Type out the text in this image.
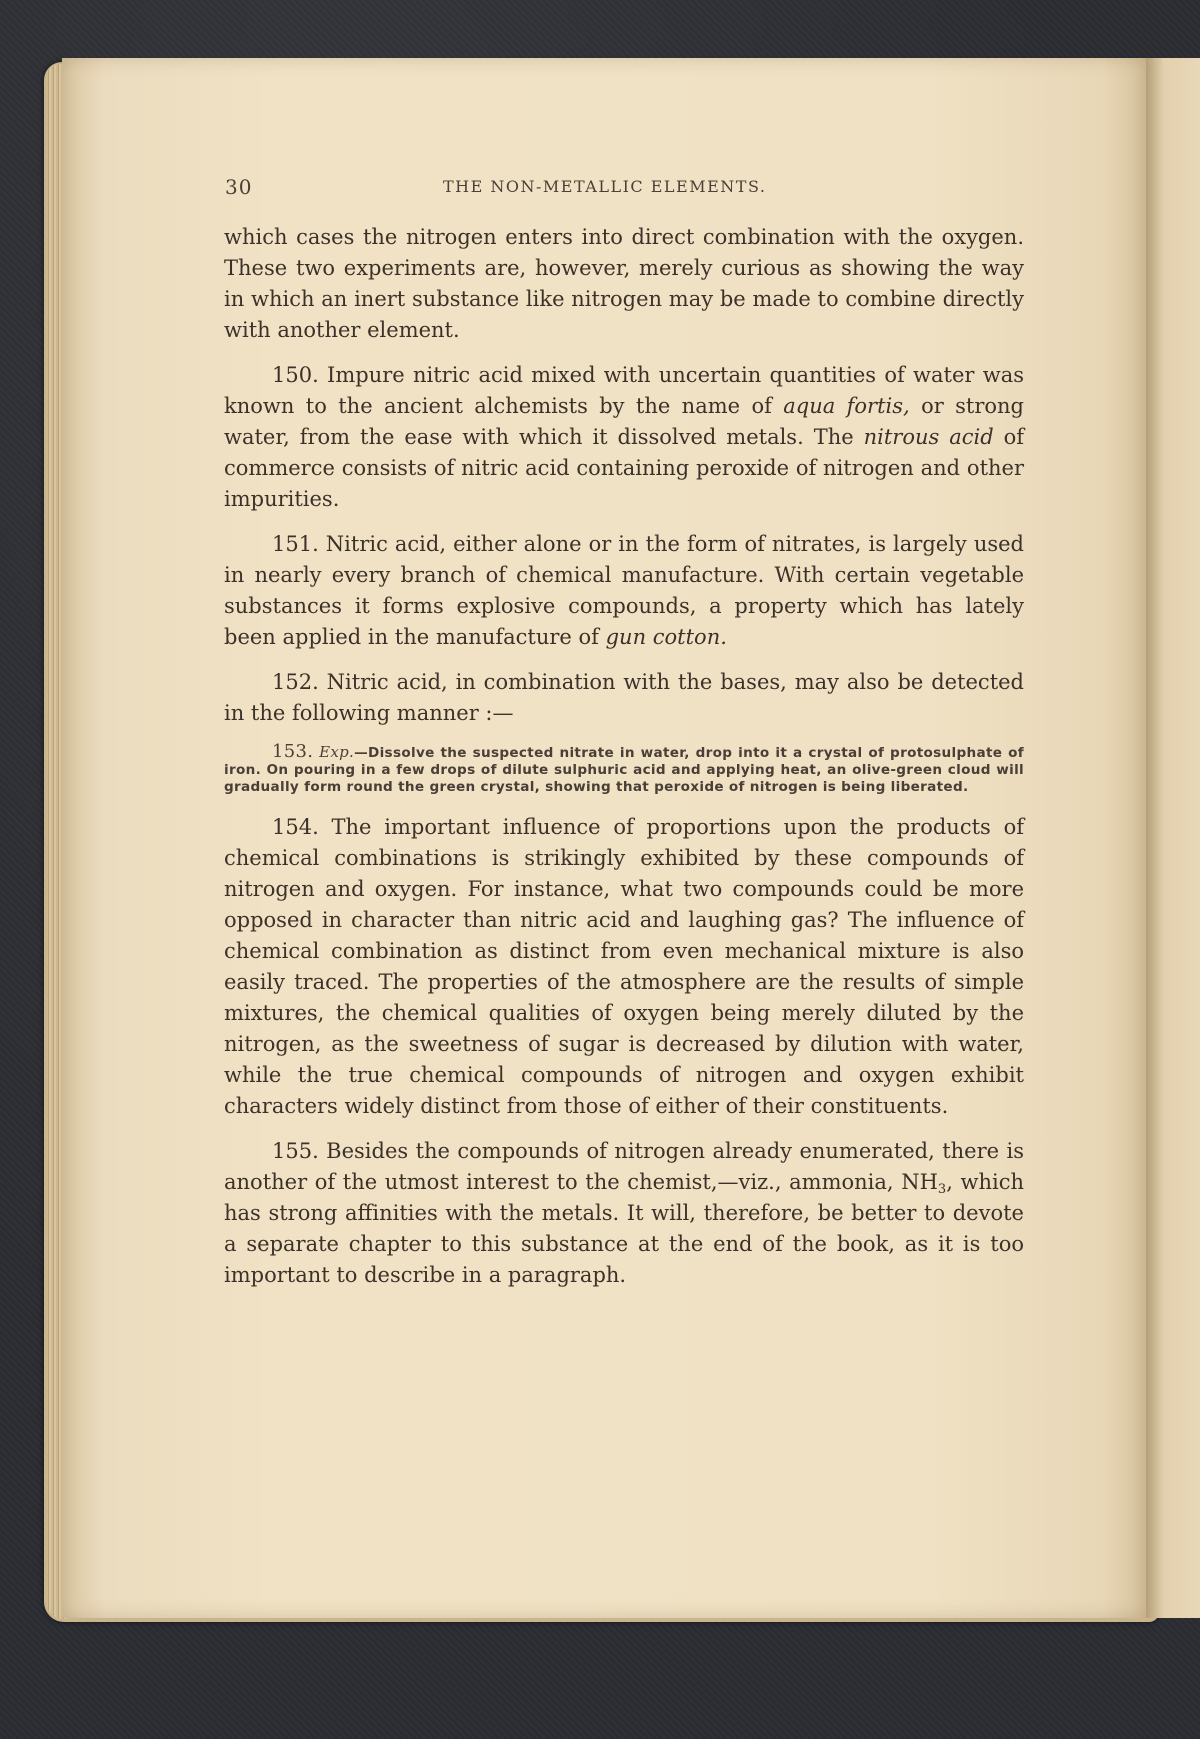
30	THE NON-METALLIC ELEMENTS.

which cases the nitrogen enters into direct combination with the oxygen. These two experiments are, however, merely curious as showing the way in which an inert substance like nitrogen may be made to combine directly with another element.

150. Impure nitric acid mixed with uncertain quantities of water was known to the ancient alchemists by the name of aqua fortis, or strong water, from the ease with which it dissolved metals. The nitrous acid of commerce consists of nitric acid containing peroxide of nitrogen and other impurities.

151. Nitric acid, either alone or in the form of nitrates, is largely used in nearly every branch of chemical manufacture. With certain vegetable substances it forms explosive compounds, a property which has lately been applied in the manufacture of gun cotton.

152. Nitric acid, in combination with the bases, may also be detected in the following manner :—

153. Exp.—Dissolve the suspected nitrate in water, drop into it a crystal of protosulphate of iron. On pouring in a few drops of dilute sulphuric acid and applying heat, an olive-green cloud will gradually form round the green crystal, showing that peroxide of nitrogen is being liberated.

154. The important influence of proportions upon the products of chemical combinations is strikingly exhibited by these compounds of nitrogen and oxygen. For instance, what two compounds could be more opposed in character than nitric acid and laughing gas? The influence of chemical combination as distinct from even mechanical mixture is also easily traced. The properties of the atmosphere are the results of simple mixtures, the chemical qualities of oxygen being merely diluted by the nitrogen, as the sweetness of sugar is decreased by dilution with water, while the true chemical compounds of nitrogen and oxygen exhibit characters widely distinct from those of either of their constituents.

155. Besides the compounds of nitrogen already enumerated, there is another of the utmost interest to the chemist,—viz., ammonia, $NH_3$, which has strong affinities with the metals. It will, therefore, be better to devote a separate chapter to this substance at the end of the book, as it is too important to describe in a paragraph.
